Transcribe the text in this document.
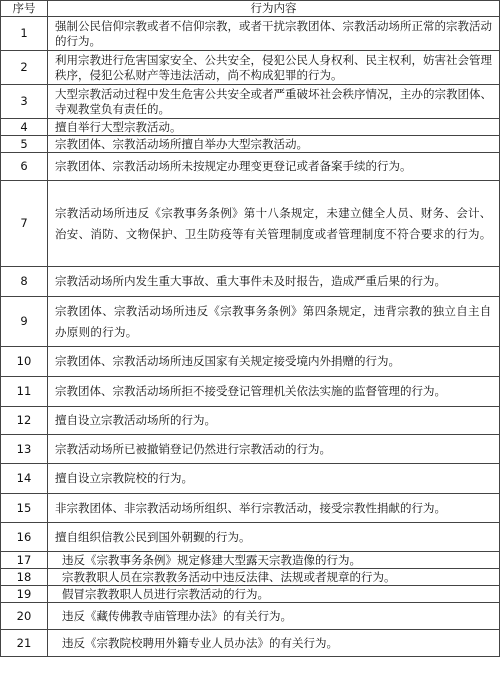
序号	行为内容
1	强制公民信仰宗教或者不信仰宗教，或者干扰宗教团体、宗教活动场所正常的宗教活动的行为。
2	利用宗教进行危害国家安全、公共安全，侵犯公民人身权利、民主权利，妨害社会管理秩序，侵犯公私财产等违法活动，尚不构成犯罪的行为。
3	大型宗教活动过程中发生危害公共安全或者严重破坏社会秩序情况，主办的宗教团体、寺观教堂负有责任的。
4	擅自举行大型宗教活动。
5	宗教团体、宗教活动场所擅自举办大型宗教活动。
6	宗教团体、宗教活动场所未按规定办理变更登记或者备案手续的行为。
7	宗教活动场所违反《宗教事务条例》第十八条规定，未建立健全人员、财务、会计、治安、消防、文物保护、卫生防疫等有关管理制度或者管理制度不符合要求的行为。
8	宗教活动场所内发生重大事故、重大事件未及时报告，造成严重后果的行为。
9	宗教团体、宗教活动场所违反《宗教事务条例》第四条规定，违背宗教的独立自主自办原则的行为。
10	宗教团体、宗教活动场所违反国家有关规定接受境内外捐赠的行为。
11	宗教团体、宗教活动场所拒不接受登记管理机关依法实施的监督管理的行为。
12	擅自设立宗教活动场所的行为。
13	宗教活动场所已被撤销登记仍然进行宗教活动的行为。
14	擅自设立宗教院校的行为。
15	非宗教团体、非宗教活动场所组织、举行宗教活动，接受宗教性捐献的行为。
16	擅自组织信教公民到国外朝觐的行为。
17	违反《宗教事务条例》规定修建大型露天宗教造像的行为。
18	宗教教职人员在宗教教务活动中违反法律、法规或者规章的行为。
19	假冒宗教教职人员进行宗教活动的行为。
20	违反《藏传佛教寺庙管理办法》的有关行为。
21	违反《宗教院校聘用外籍专业人员办法》的有关行为。
